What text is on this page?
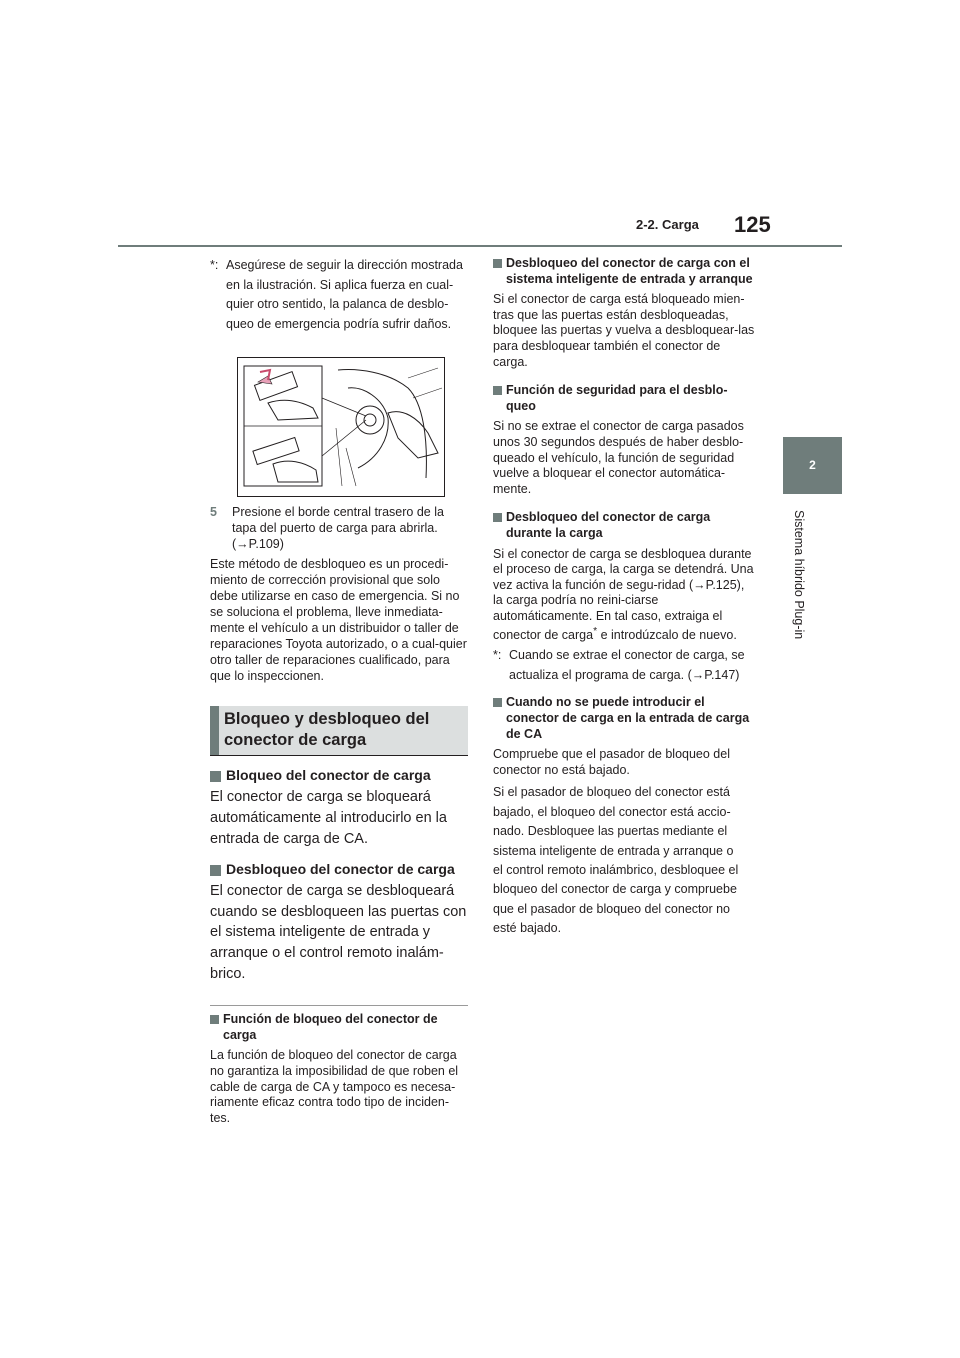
2-2. Carga 125
2
Sistema híbrido Plug-in
*: Asegúrese de seguir la dirección mostrada
en la ilustración. Si aplica fuerza en cual-
quier otro sentido, la palanca de desblo-
queo de emergencia podría sufrir daños.
5	Presione el borde central trasero de la tapa del puerto de carga para abrirla. (→P.109)

Este método de desbloqueo es un procedi-miento de corrección provisional que solo debe utilizarse en caso de emergencia. Si no se soluciona el problema, lleve inmediata-mente el vehículo a un distribuidor o taller de reparaciones Toyota autorizado, o a cual-quier otro taller de reparaciones cualificado, para que lo inspeccionen.

Bloqueo y desbloqueo del conector de carga
Bloqueo del conector de carga

El conector de carga se bloqueará automáticamente al introducirlo en la entrada de carga de CA.

Desbloqueo del conector de carga

El conector de carga se desbloqueará cuando se desbloqueen las puertas con el sistema inteligente de entrada y arranque o el control remoto inalám-brico.

Función de bloqueo del conector de carga

La función de bloqueo del conector de carga no garantiza la imposibilidad de que roben el cable de carga de CA y tampoco es necesa-riamente eficaz contra todo tipo de inciden-tes.

Desbloqueo del conector de carga con el sistema inteligente de entrada y arranque

Si el conector de carga está bloqueado mien-tras que las puertas están desbloqueadas, bloquee las puertas y vuelva a desbloquear-las para desbloquear también el conector de carga.

Función de seguridad para el desblo-queo

Si no se extrae el conector de carga pasados unos 30 segundos después de haber desblo-queado el vehículo, la función de seguridad vuelve a bloquear el conector automática-mente.

Desbloqueo del conector de carga durante la carga

Si el conector de carga se desbloquea durante el proceso de carga, la carga se detendrá. Una vez activa la función de segu-ridad (→P.125), la carga podría no reini-ciarse automáticamente. En tal caso, extraiga el conector de carga* e introdúzcalo de nuevo.

*: Cuando se extrae el conector de carga, se
actualiza el programa de carga. (→P.147)
Cuando no se puede introducir el conector de carga en la entrada de carga de CA

Compruebe que el pasador de bloqueo del conector no está bajado.

Si el pasador de bloqueo del conector está
bajado, el bloqueo del conector está accio-
nado. Desbloquee las puertas mediante el
sistema inteligente de entrada y arranque o
el control remoto inalámbrico, desbloquee el
bloqueo del conector de carga y compruebe
que el pasador de bloqueo del conector no
esté bajado.
